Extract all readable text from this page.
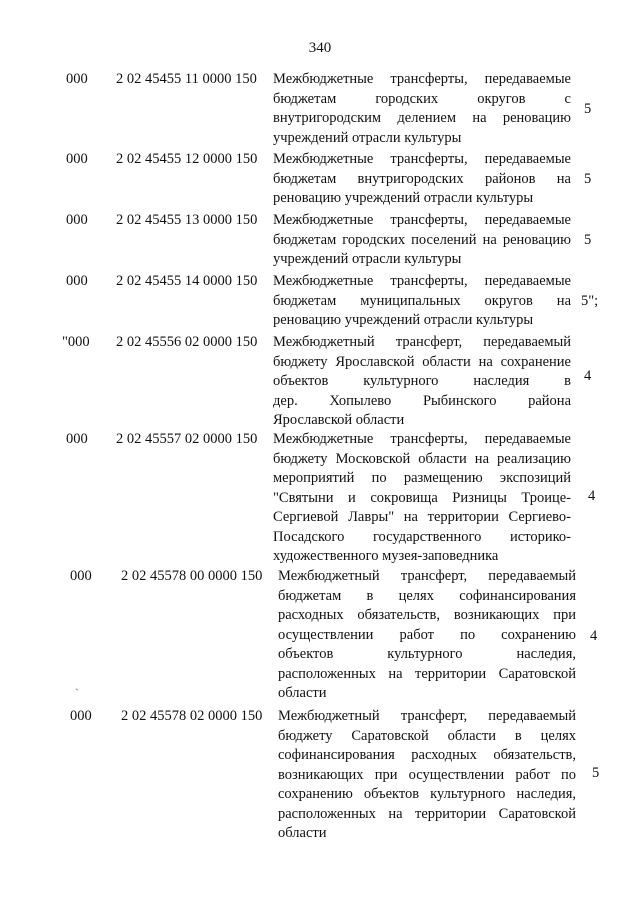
340
000 2 02 45455 11 0000 150 Межбюджетные трансферты, передаваемые
бюджетам городских округов с
внутригородским делением на реновацию
учреждений отрасли культуры
5
000 2 02 45455 12 0000 150 Межбюджетные трансферты, передаваемые
бюджетам внутригородских районов на
реновацию учреждений отрасли культуры
5
000 2 02 45455 13 0000 150 Межбюджетные трансферты, передаваемые
бюджетам городских поселений на реновацию
учреждений отрасли культуры
5
000 2 02 45455 14 0000 150 Межбюджетные трансферты, передаваемые
бюджетам муниципальных округов на
реновацию учреждений отрасли культуры
5";
"000 2 02 45556 02 0000 150 Межбюджетный трансферт, передаваемый
бюджету Ярославской области на сохранение
объектов культурного наследия в
дер. Хопылево Рыбинского района
Ярославской области
4
000 2 02 45557 02 0000 150 Межбюджетные трансферты, передаваемые
бюджету Московской области на реализацию
мероприятий по размещению экспозиций
"Святыни и сокровища Ризницы Троице-
Сергиевой Лавры" на территории Сергиево-
Посадского государственного историко-
художественного музея-заповедника
4
000 2 02 45578 00 0000 150 Межбюджетный трансферт, передаваемый
бюджетам в целях софинансирования
расходных обязательств, возникающих при
осуществлении работ по сохранению
объектов культурного наследия,
расположенных на территории Саратовской
области
4
ˎ
000 2 02 45578 02 0000 150 Межбюджетный трансферт, передаваемый
бюджету Саратовской области в целях
софинансирования расходных обязательств,
возникающих при осуществлении работ по
сохранению объектов культурного наследия,
расположенных на территории Саратовской
области
5
